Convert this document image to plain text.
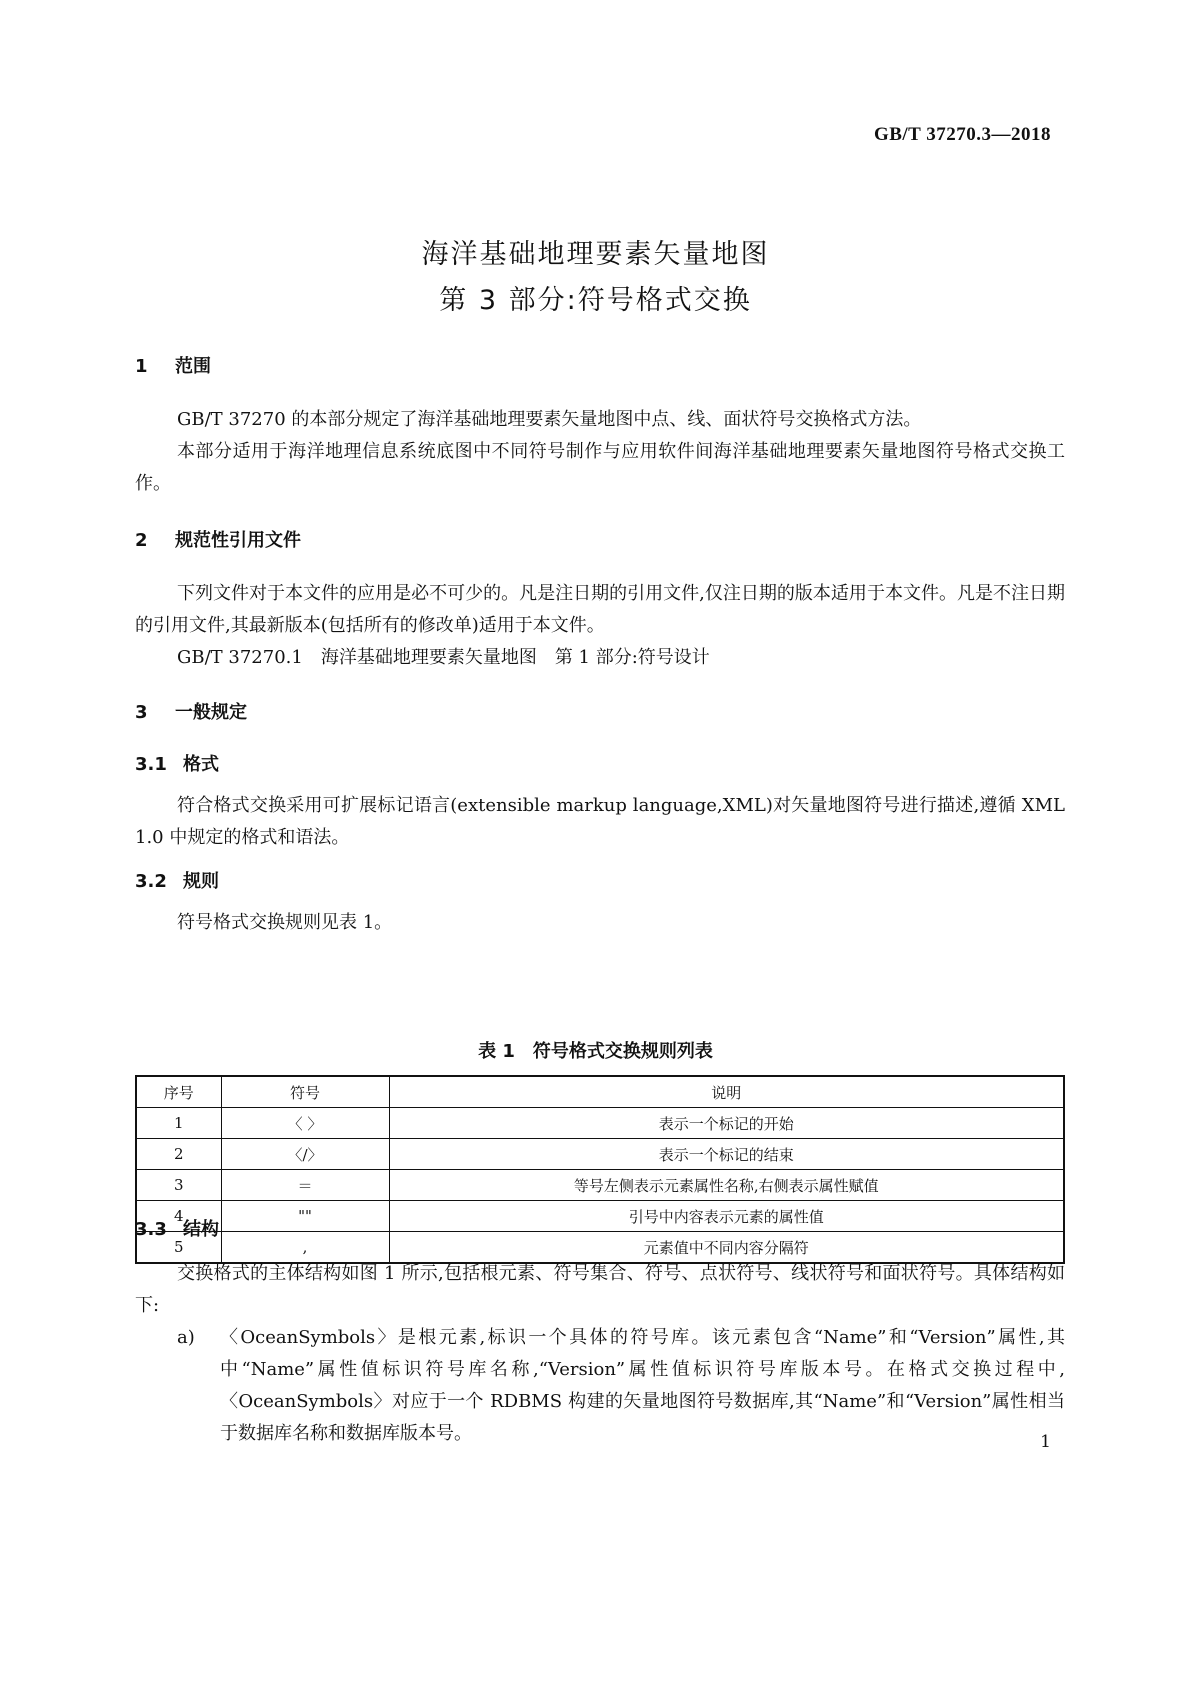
GB/T 37270.3—2018
海洋基础地理要素矢量地图
第 3 部分:符号格式交换
1 范围
GB/T 37270 的本部分规定了海洋基础地理要素矢量地图中点、线、面状符号交换格式方法。
本部分适用于海洋地理信息系统底图中不同符号制作与应用软件间海洋基础地理要素矢量地图符号格式交换工作。
2 规范性引用文件
下列文件对于本文件的应用是必不可少的。凡是注日期的引用文件,仅注日期的版本适用于本文件。凡是不注日期的引用文件,其最新版本(包括所有的修改单)适用于本文件。
GB/T 37270.1　海洋基础地理要素矢量地图　第 1 部分:符号设计
3 一般规定
3.1 格式
符合格式交换采用可扩展标记语言(extensible markup language,XML)对矢量地图符号进行描述,遵循 XML 1.0 中规定的格式和语法。
3.2 规则
符号格式交换规则见表 1。
表 1　符号格式交换规则列表
序号	符号	说明
1	〈 〉	表示一个标记的开始
2	〈/〉	表示一个标记的结束
3	＝	等号左侧表示元素属性名称,右侧表示属性赋值
4	""	引号中内容表示元素的属性值
5	,	元素值中不同内容分隔符
3.3 结构
交换格式的主体结构如图 1 所示,包括根元素、符号集合、符号、点状符号、线状符号和面状符号。具体结构如下:
a) 〈OceanSymbols〉是根元素,标识一个具体的符号库。该元素包含“Name”和“Version”属性,其中“Name”属性值标识符号库名称,“Version”属性值标识符号库版本号。在格式交换过程中,〈OceanSymbols〉对应于一个 RDBMS 构建的矢量地图符号数据库,其“Name”和“Version”属性相当于数据库名称和数据库版本号。	1
